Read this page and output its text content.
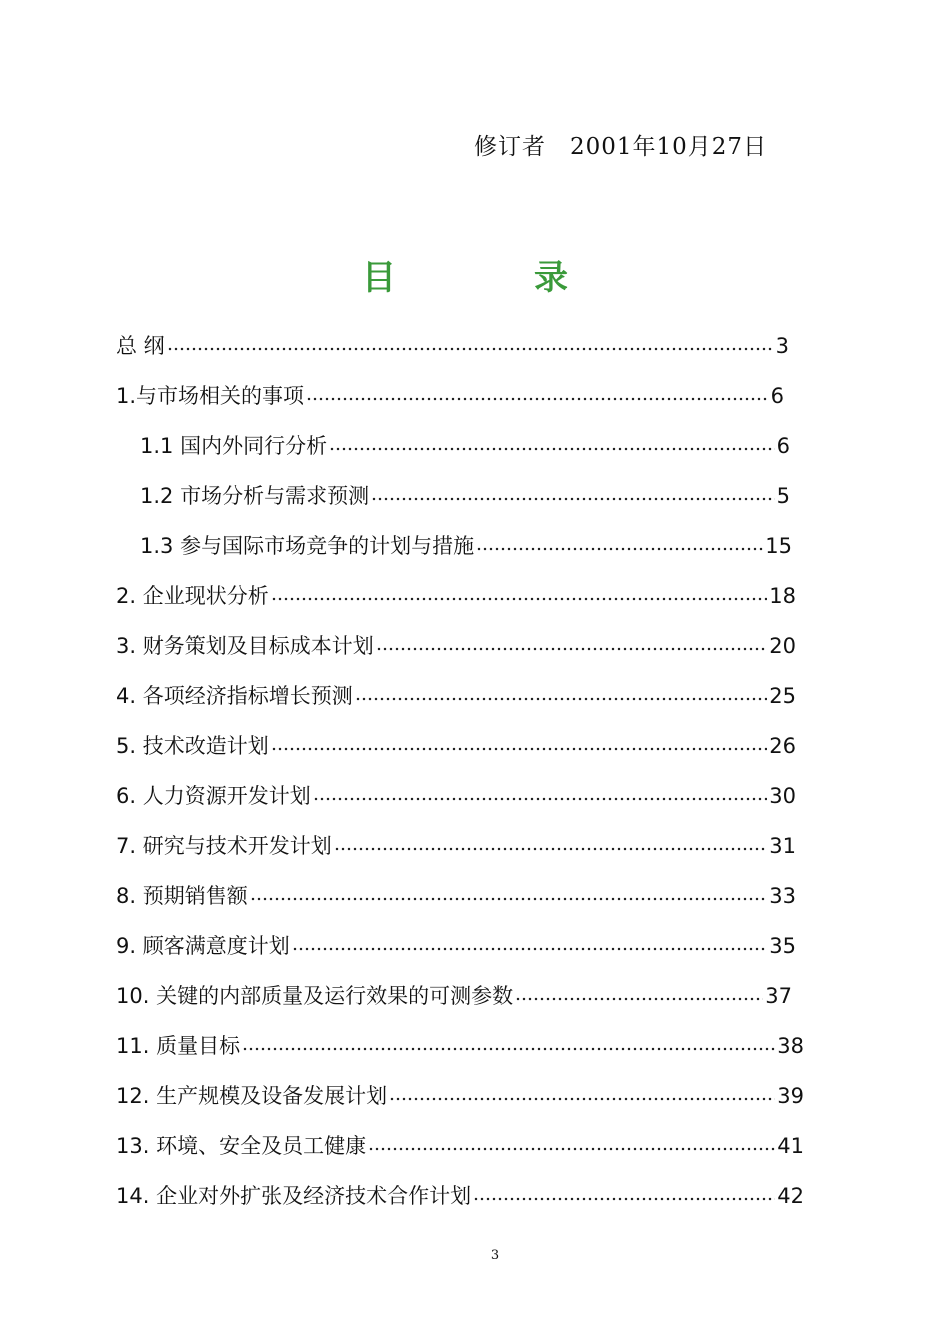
修订者　2001年10月27日
目　录
总 纲	3
1.与市场相关的事项	6
1.1 国内外同行分析	6
1.2 市场分析与需求预测	5
1.3 参与国际市场竞争的计划与措施	15
2. 企业现状分析	18
3. 财务策划及目标成本计划	20
4. 各项经济指标增长预测	25
5. 技术改造计划	26
6. 人力资源开发计划	30
7. 研究与技术开发计划	31
8. 预期销售额	33
9. 顾客满意度计划	35
10. 关键的内部质量及运行效果的可测参数	37
11. 质量目标	38
12. 生产规模及设备发展计划	39
13. 环境、安全及员工健康	41
14. 企业对外扩张及经济技术合作计划	42
3
